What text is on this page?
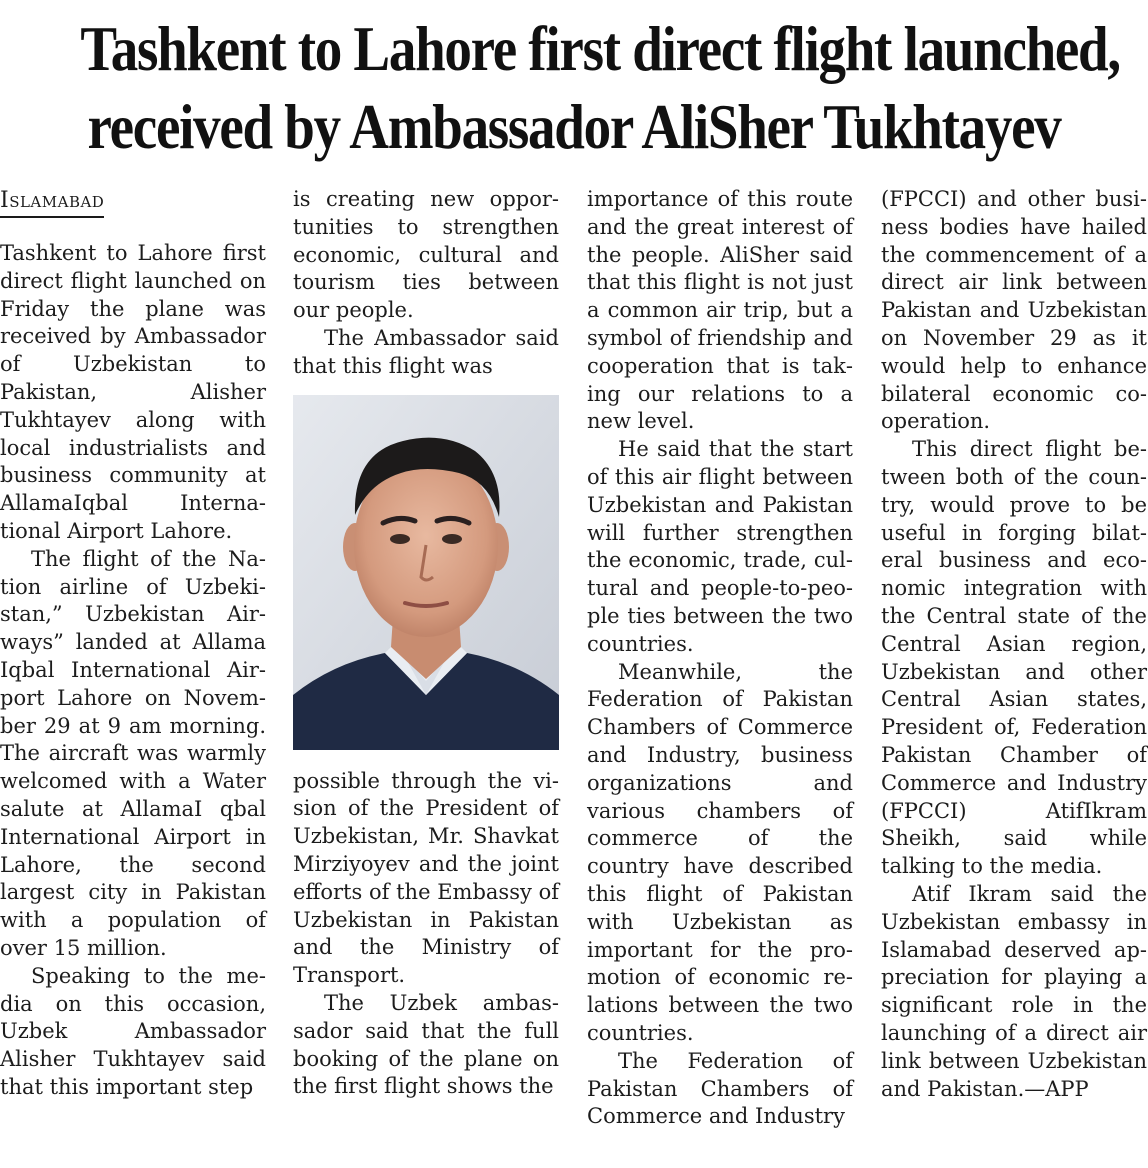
Tashkent to Lahore first direct flight launched,
received by Ambassador AliSher Tukhtayev
Islamabad

Tashkent to Lahore first direct flight launched on Friday the plane was received by Ambassador of Uzbekistan to Pakistan, Alisher Tukhtayev along with local industrialists and business community at AllamaIqbal International Airport Lahore.

The flight of the Nation airline of Uzbekistan,” Uzbekistan Airways” landed at Allama Iqbal International Airport Lahore on November 29 at 9 am morning. The aircraft was warmly welcomed with a Water salute at AllamaI qbal International Airport in Lahore, the second largest city in Pakistan with a population of over 15 million.

Speaking to the media on this occasion, Uzbek Ambassador Alisher Tukhtayev said that this important step

is creating new opportunities to strengthen economic, cultural and tourism ties between our people.

The Ambassador said that this flight was

possible through the vision of the President of Uzbekistan, Mr. Shavkat Mirziyoyev and the joint efforts of the Embassy of Uzbekistan in Pakistan and the Ministry of Transport.

The Uzbek ambassador said that the full booking of the plane on the first flight shows the

importance of this route and the great interest of the people. AliSher said that this flight is not just a common air trip, but a symbol of friendship and cooperation that is taking our relations to a new level.

He said that the start of this air flight between Uzbekistan and Pakistan will further strengthen the economic, trade, cultural and people-to-people ties between the two countries.

Meanwhile, the Federation of Pakistan Chambers of Commerce and Industry, business organizations and various chambers of commerce of the country have described this flight of Pakistan with Uzbekistan as important for the promotion of economic relations between the two countries.

The Federation of Pakistan Chambers of Commerce and Industry

(FPCCI) and other business bodies have hailed the commencement of a direct air link between Pakistan and Uzbekistan on November 29 as it would help to enhance bilateral economic cooperation.

This direct flight between both of the country, would prove to be useful in forging bilateral business and economic integration with the Central state of the Central Asian region, Uzbekistan and other Central Asian states, President of, Federation Pakistan Chamber of Commerce and Industry (FPCCI) AtifIkram Sheikh, said while talking to the media.

Atif Ikram said the Uzbekistan embassy in Islamabad deserved appreciation for playing a significant role in the launching of a direct air link between Uzbekistan and Pakistan.—APP
